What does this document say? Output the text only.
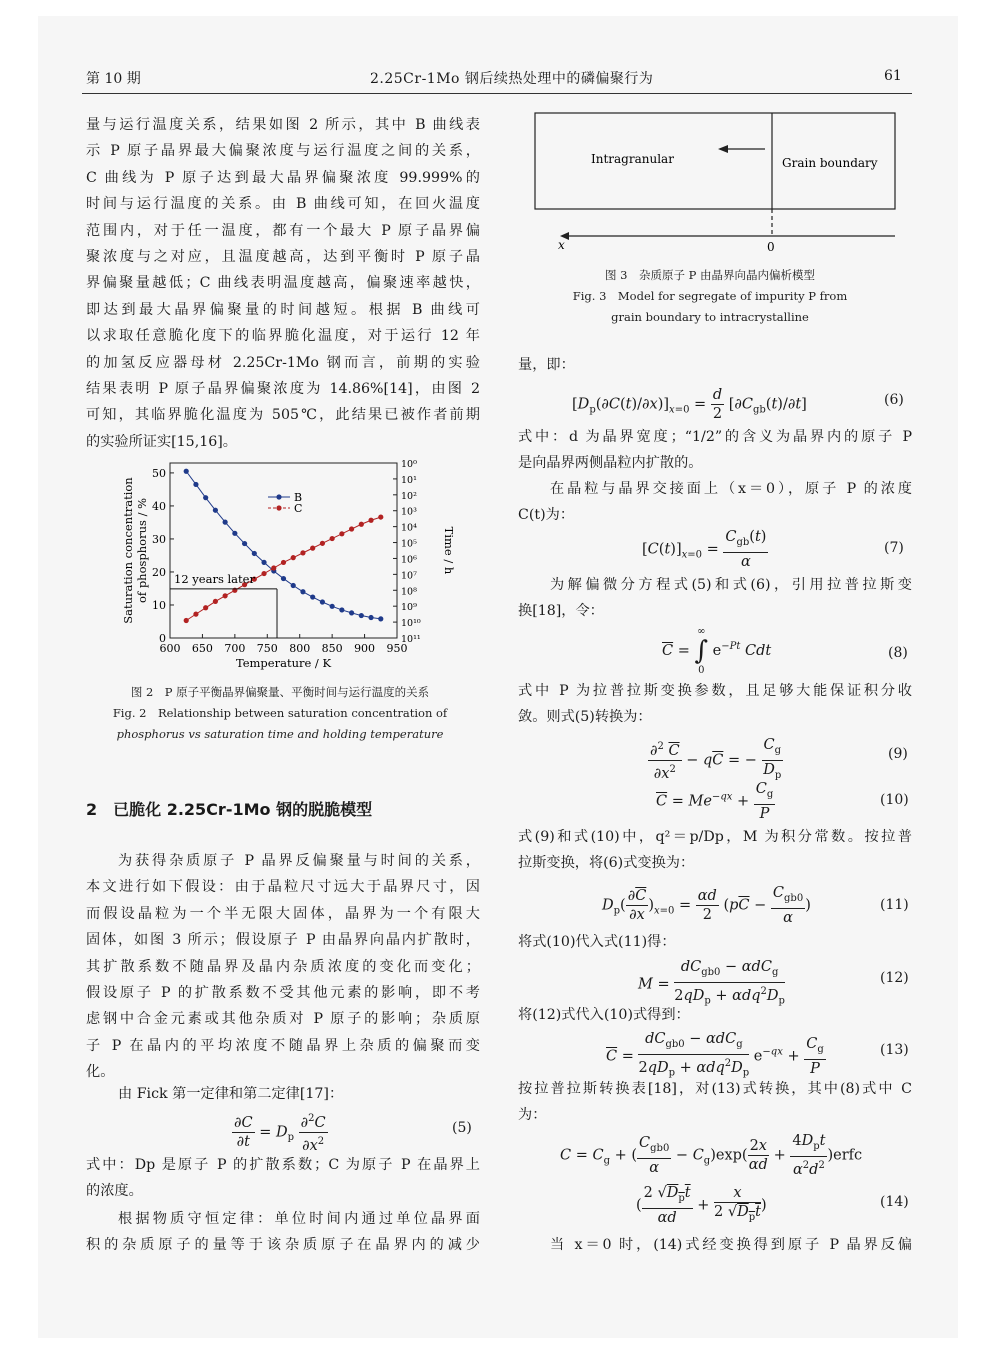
第 10 期	2.25Cr-1Mo 钢后续热处理中的磷偏聚行为	61
量与运行温度关系，结果如图 2 所示，其中 B 曲线表
示 P 原子晶界最大偏聚浓度与运行温度之间的关系，
C 曲线为 P 原子达到最大晶界偏聚浓度 99.999%的
时间与运行温度的关系。由 B 曲线可知，在回火温度
范围内，对于任一温度，都有一个最大 P 原子晶界偏
聚浓度与之对应，且温度越高，达到平衡时 P 原子晶
界偏聚量越低；C 曲线表明温度越高，偏聚速率越快，
即达到最大晶界偏聚量的时间越短。根据 B 曲线可
以求取任意脆化度下的临界脆化温度，对于运行 12 年
的加氢反应器母材 2.25Cr-1Mo 钢而言，前期的实验
结果表明 P 原子晶界偏聚浓度为 14.86%[14]，由图 2
可知，其临界脆化温度为 505℃，此结果已被作者前期
的实验所证实[15,16]。
600 650 700 750 800 850 900 950
0
10
20
30
40
50
10⁰
10¹
10²
10³
10⁴
10⁵
10⁶
10⁷
10⁸
10⁹
10¹⁰
10¹¹
Temperature / K
Saturation concentration of phosphorus / %	Time / h
B
C
12 years later
图 2　P 原子平衡晶界偏聚量、平衡时间与运行温度的关系
Fig. 2　Relationship between saturation concentration of
phosphorus vs saturation time and holding temperature
2　已脆化 2.25Cr-1Mo 钢的脱脆模型
为获得杂质原子 P 晶界反偏聚量与时间的关系，
本文进行如下假设：由于晶粒尺寸远大于晶界尺寸，因
而假设晶粒为一个半无限大固体，晶界为一个有限大
固体，如图 3 所示；假设原子 P 由晶界向晶内扩散时，
其扩散系数不随晶界及晶内杂质浓度的变化而变化；
假设原子 P 的扩散系数不受其他元素的影响，即不考
虑钢中合金元素或其他杂质对 P 原子的影响；杂质原
子 P 在晶内的平均浓度不随晶界上杂质的偏聚而变
化。
由 Fick 第一定律和第二定律[17]：
$\frac{\partial C}{\partial t} = D_p \frac{\partial^2C}{\partial x^2}$	(5)
式中：Dp 是原子 P 的扩散系数；C 为原子 P 在晶界上
的浓度。
根据物质守恒定律：单位时间内通过单位晶界面
积的杂质原子的量等于该杂质原子在晶界内的减少
Intragranular	Grain boundary
x	0
图 3　杂质原子 P 由晶界向晶内偏析模型
Fig. 3　Model for segregate of impurity P from
grain boundary to intracrystalline
量，即：
$[D_p(\partial C(t)/\partial x)]_{x=0} = \frac{d}{2} [\partial C_{gb}(t)/\partial t]$	(6)
式中：d 为晶界宽度；“1/2”的含义为晶界内的原子 P
是向晶界两侧晶粒内扩散的。
在晶粒与晶界交接面上（x＝0），原子 P 的浓度
C(t)为：
$[C(t)]_{x=0} = \frac{C_{gb}(t)}{\alpha}$	(7)
为解偏微分方程式(5)和式(6)，引用拉普拉斯变
换[18]，令：
$\overline{C}$ = ∞
∫
0 $e^{-Pt}$ Cdt	(8)
式中 P 为拉普拉斯变换参数，且足够大能保证积分收
敛。则式(5)转换为：
$\frac{\partial^2 \overline{C}}{\partial x^2} - q\overline{C}$ = − $\frac{C_g}{D_p}$	(9)
$\overline{C} = Me^{-qx} + \frac{C_g}{P}$	(10)
式(9)和式(10)中，q²＝p/Dp，M 为积分常数。按拉普
拉斯变换，将(6)式变换为：
$D_p( \frac{\partial\overline{C}}{\partial x} )_{x=0} = \frac{\alpha d}{2} (p\overline{C} - \frac{C_{gb0}}{\alpha}$ )	(11)
将式(10)代入式(11)得：
$M = \frac{dC_{gb0} - \alpha dC_g}{2qD_p + \alpha dq^2D_p}$	(12)
将(12)式代入(10)式得到：
$\overline{C} = \frac{dC_{gb0} - \alpha dC_g}{2qD_p + \alpha dq^2D_p} e^{-qx} + \frac{C_g}{P}$	(13)
按拉普拉斯转换表[18]，对(13)式转换，其中(8)式中 C
为：
$C = C_g$ + ( $\frac{C_{gb0}}{\alpha} - C_g)\exp( \frac{2x}{\alpha d} + \frac{4D_pt}{\alpha^2d^2}$ )erfc
( $\frac{2 √D_pt}{\alpha d} + \frac{x}{2 √D_pt}$ )	(14)
当 x＝0 时，(14)式经变换得到原子 P 晶界反偏
